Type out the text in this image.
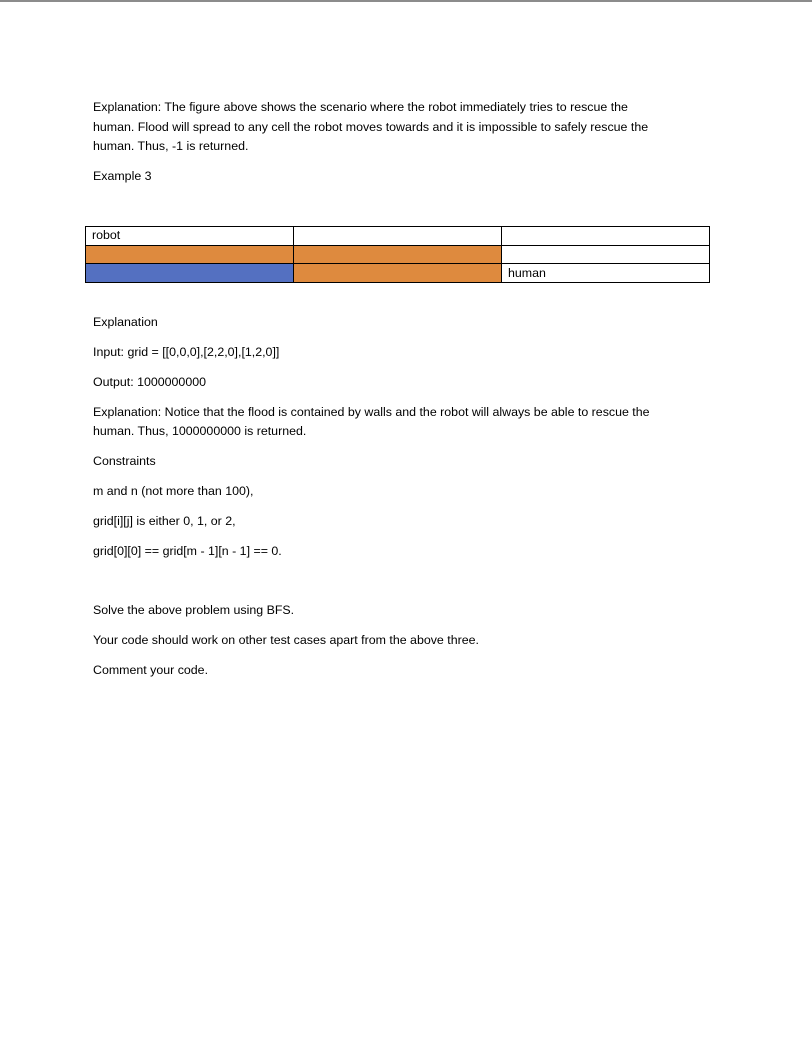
Explanation: The figure above shows the scenario where the robot immediately tries to rescue the

human. Flood will spread to any cell the robot moves towards and it is impossible to safely rescue the

human. Thus, -1 is returned.

Example 3

Explanation

Input: grid = [[0,0,0],[2,2,0],[1,2,0]]

Output: 1000000000

Explanation: Notice that the flood is contained by walls and the robot will always be able to rescue the

human. Thus, 1000000000 is returned.

Constraints

m and n (not more than 100),

grid[i][j] is either 0, 1, or 2,

grid[0][0] == grid[m - 1][n - 1] == 0.

Solve the above problem using BFS.

Your code should work on other test cases apart from the above three.

Comment your code.

robot		

		human
